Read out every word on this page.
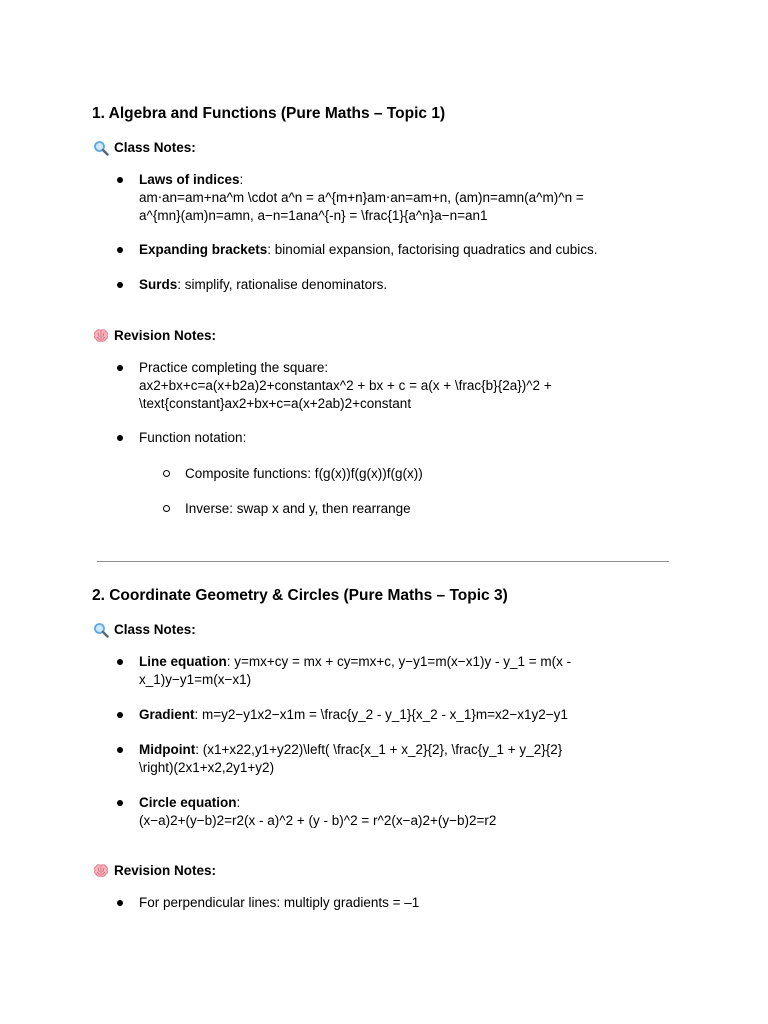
1. Algebra and Functions (Pure Maths – Topic 1)
Class Notes:
Laws of indices:
am⋅an=am+na^m \cdot a^n = a^{m+n}am⋅an=am+n, (am)n=amn(a^m)^n =
a^{mn}(am)n=amn, a−n=1ana^{-n} = \frac{1}{a^n}a−n=an1
Expanding brackets: binomial expansion, factorising quadratics and cubics.
Surds: simplify, rationalise denominators.
Revision Notes:
Practice completing the square:
ax2+bx+c=a(x+b2a)2+constantax^2 + bx + c = a(x + \frac{b}{2a})^2 +
\text{constant}ax2+bx+c=a(x+2ab)2+constant
Function notation:
Composite functions: f(g(x))f(g(x))f(g(x))
Inverse: swap x and y, then rearrange
2. Coordinate Geometry & Circles (Pure Maths – Topic 3)
Class Notes:
Line equation: y=mx+cy = mx + cy=mx+c, y−y1=m(x−x1)y - y_1 = m(x -
x_1)y−y1=m(x−x1)
Gradient: m=y2−y1x2−x1m = \frac{y_2 - y_1}{x_2 - x_1}m=x2−x1y2−y1
Midpoint: (x1+x22,y1+y22)\left( \frac{x_1 + x_2}{2}, \frac{y_1 + y_2}{2}
\right)(2x1+x2,2y1+y2)
Circle equation:
(x−a)2+(y−b)2=r2(x - a)^2 + (y - b)^2 = r^2(x−a)2+(y−b)2=r2
Revision Notes:
For perpendicular lines: multiply gradients = –1
